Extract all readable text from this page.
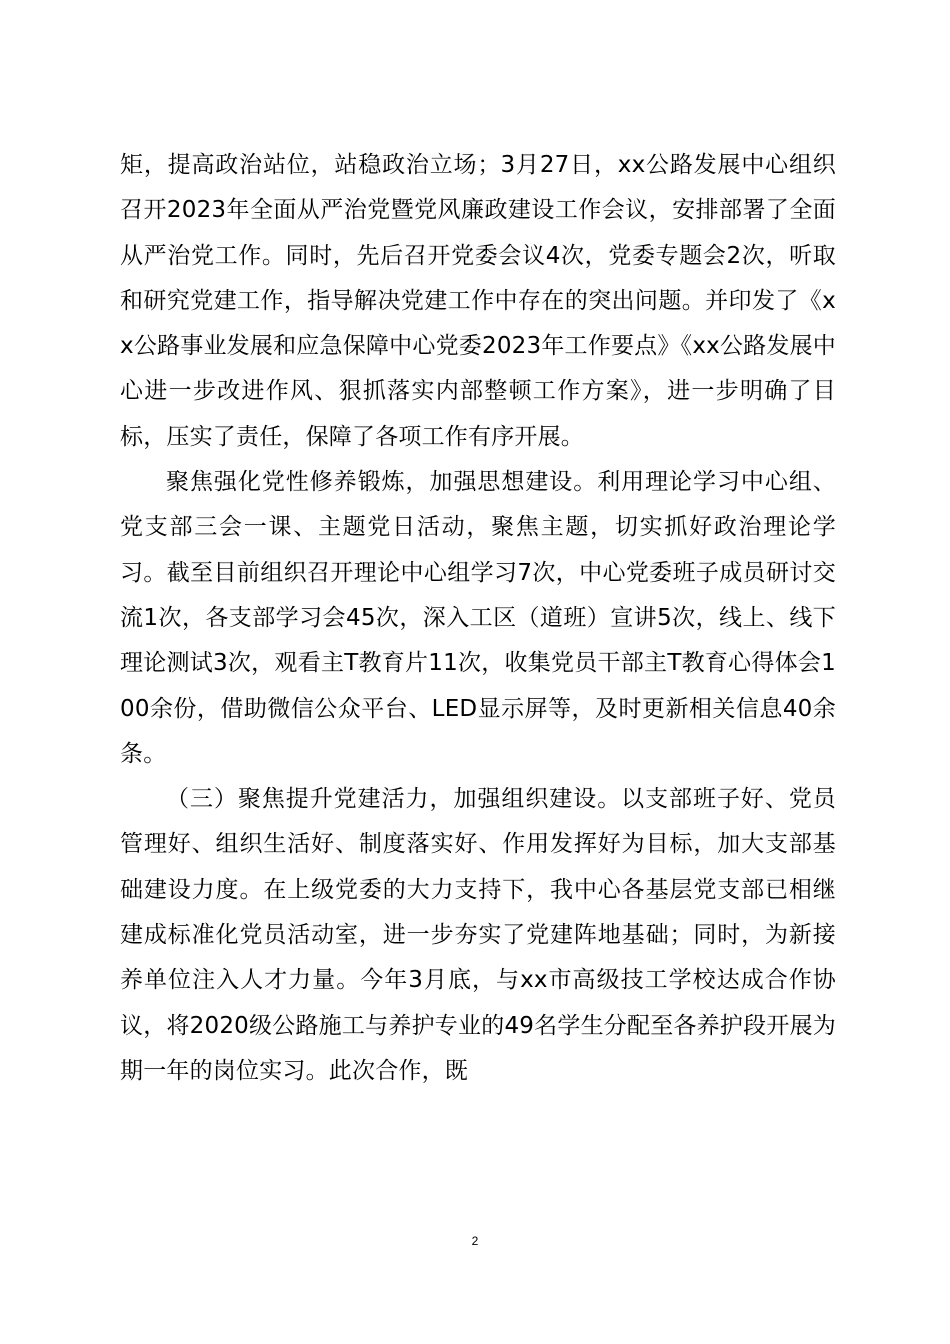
矩，提高政治站位，站稳政治立场；3月27日，xx公路发展中心组织召开2023年全面从严治党暨党风廉政建设工作会议，安排部署了全面从严治党工作。同时，先后召开党委会议4次，党委专题会2次，听取和研究党建工作，指导解决党建工作中存在的突出问题。并印发了《xx公路事业发展和应急保障中心党委2023年工作要点》《xx公路发展中心进一步改进作风、狠抓落实内部整顿工作方案》，进一步明确了目标，压实了责任，保障了各项工作有序开展。

聚焦强化党性修养锻炼，加强思想建设。利用理论学习中心组、党支部三会一课、主题党日活动，聚焦主题，切实抓好政治理论学习。截至目前组织召开理论中心组学习7次，中心党委班子成员研讨交流1次，各支部学习会45次，深入工区（道班）宣讲5次，线上、线下理论测试3次，观看主T教育片11次，收集党员干部主T教育心得体会100余份，借助微信公众平台、LED显示屏等，及时更新相关信息40余条。

（三）聚焦提升党建活力，加强组织建设。以支部班子好、党员管理好、组织生活好、制度落实好、作用发挥好为目标，加大支部基础建设力度。在上级党委的大力支持下，我中心各基层党支部已相继建成标准化党员活动室，进一步夯实了党建阵地基础；同时，为新接养单位注入人才力量。今年3月底，与xx市高级技工学校达成合作协议，将2020级公路施工与养护专业的49名学生分配至各养护段开展为期一年的岗位实习。此次合作，既

2
